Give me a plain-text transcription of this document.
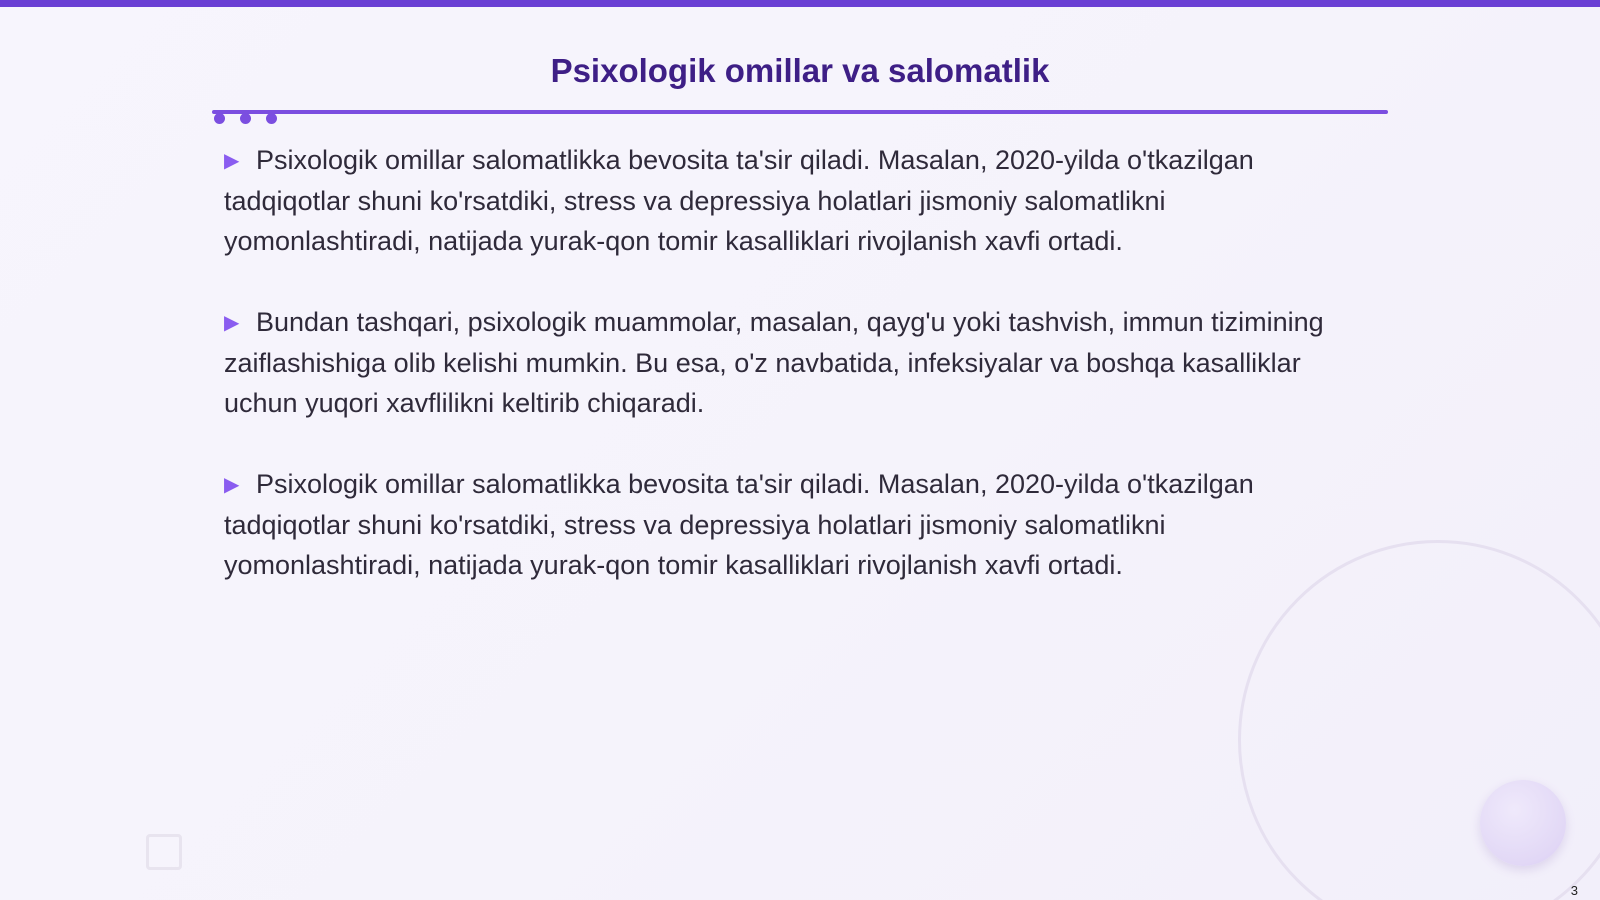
Psixologik omillar va salomatlik

▶ Psixologik omillar salomatlikka bevosita ta'sir qiladi. Masalan, 2020-yilda o'tkazilgan tadqiqotlar shuni ko'rsatdiki, stress va depressiya holatlari jismoniy salomatlikni yomonlashtiradi, natijada yurak-qon tomir kasalliklari rivojlanish xavfi ortadi.

▶ Bundan tashqari, psixologik muammolar, masalan, qayg'u yoki tashvish, immun tizimining zaiflashishiga olib kelishi mumkin. Bu esa, o'z navbatida, infeksiyalar va boshqa kasalliklar uchun yuqori xavflilikni keltirib chiqaradi.

▶ Psixologik omillar salomatlikka bevosita ta'sir qiladi. Masalan, 2020-yilda o'tkazilgan tadqiqotlar shuni ko'rsatdiki, stress va depressiya holatlari jismoniy salomatlikni yomonlashtiradi, natijada yurak-qon tomir kasalliklari rivojlanish xavfi ortadi.

3
